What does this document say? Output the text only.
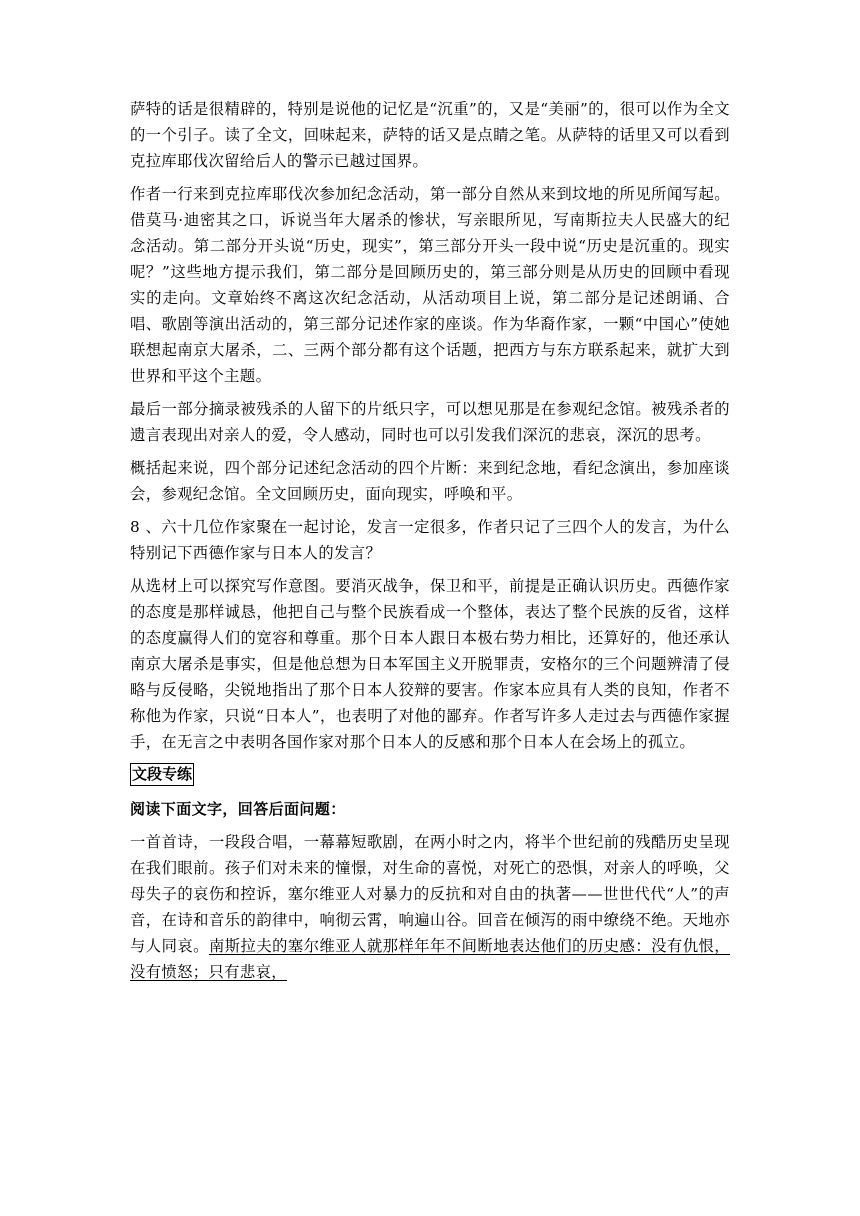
萨特的话是很精辟的，特别是说他的记忆是“沉重”的，又是“美丽”的，很可以作为全文的一个引子。读了全文，回味起来，萨特的话又是点睛之笔。从萨特的话里又可以看到克拉库耶伐次留给后人的警示已越过国界。

作者一行来到克拉库耶伐次参加纪念活动，第一部分自然从来到坟地的所见所闻写起。借莫马·迪密其之口，诉说当年大屠杀的惨状，写亲眼所见，写南斯拉夫人民盛大的纪念活动。第二部分开头说“历史，现实”，第三部分开头一段中说“历史是沉重的。现实呢？”这些地方提示我们，第二部分是回顾历史的，第三部分则是从历史的回顾中看现实的走向。文章始终不离这次纪念活动，从活动项目上说，第二部分是记述朗诵、合唱、歌剧等演出活动的，第三部分记述作家的座谈。作为华裔作家，一颗“中国心”使她联想起南京大屠杀，二、三两个部分都有这个话题，把西方与东方联系起来，就扩大到世界和平这个主题。

最后一部分摘录被残杀的人留下的片纸只字，可以想见那是在参观纪念馆。被残杀者的遗言表现出对亲人的爱，令人感动，同时也可以引发我们深沉的悲哀，深沉的思考。

概括起来说，四个部分记述纪念活动的四个片断：来到纪念地，看纪念演出，参加座谈会，参观纪念馆。全文回顾历史，面向现实，呼唤和平。

8 、六十几位作家聚在一起讨论，发言一定很多，作者只记了三四个人的发言，为什么特别记下西德作家与日本人的发言？

从选材上可以探究写作意图。要消灭战争，保卫和平，前提是正确认识历史。西德作家的态度是那样诚恳，他把自己与整个民族看成一个整体，表达了整个民族的反省，这样的态度赢得人们的宽容和尊重。那个日本人跟日本极右势力相比，还算好的，他还承认南京大屠杀是事实，但是他总想为日本军国主义开脱罪责，安格尔的三个问题辨清了侵略与反侵略，尖锐地指出了那个日本人狡辩的要害。作家本应具有人类的良知，作者不称他为作家，只说“日本人”，也表明了对他的鄙弃。作者写许多人走过去与西德作家握手，在无言之中表明各国作家对那个日本人的反感和那个日本人在会场上的孤立。

文段专练

阅读下面文字，回答后面问题：

一首首诗，一段段合唱，一幕幕短歌剧，在两小时之内，将半个世纪前的残酷历史呈现在我们眼前。孩子们对未来的憧憬，对生命的喜悦，对死亡的恐惧，对亲人的呼唤，父母失子的哀伤和控诉，塞尔维亚人对暴力的反抗和对自由的执著——世世代代“人”的声音，在诗和音乐的韵律中，响彻云霄，响遍山谷。回音在倾泻的雨中缭绕不绝。天地亦与人同哀。南斯拉夫的塞尔维亚人就那样年年不间断地表达他们的历史感：没有仇恨，没有愤怒；只有悲哀，
